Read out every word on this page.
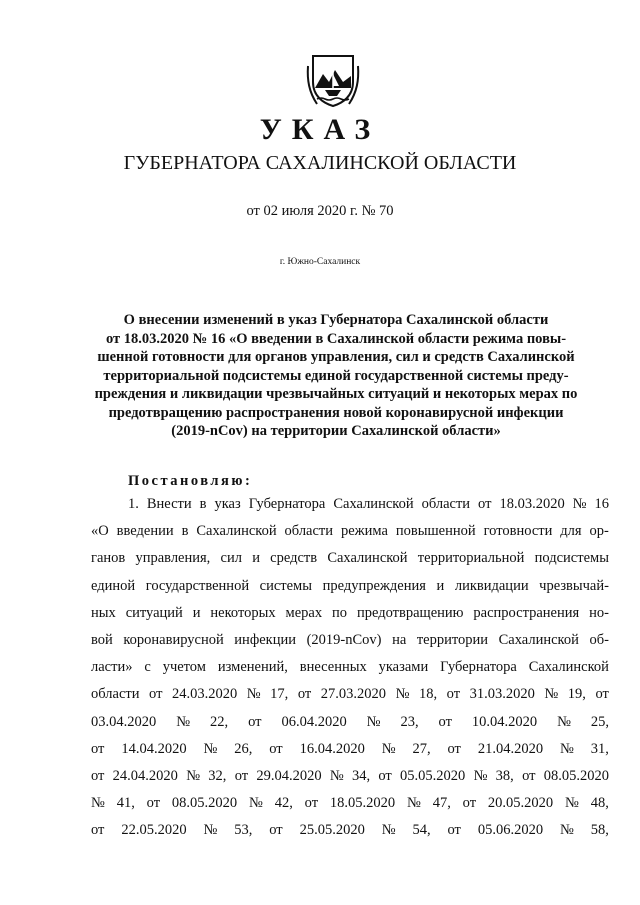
УКАЗ
ГУБЕРНАТОРА САХАЛИНСКОЙ ОБЛАСТИ
от 02 июля 2020 г. № 70
г. Южно-Сахалинск
О внесении изменений в указ Губернатора Сахалинской области
от 18.03.2020 № 16 «О введении в Сахалинской области режима повы-
шенной готовности для органов управления, сил и средств Сахалинской
территориальной подсистемы единой государственной системы преду-
преждения и ликвидации чрезвычайных ситуаций и некоторых мерах по
предотвращению распространения новой коронавирусной инфекции
(2019-nCov) на территории Сахалинской области»
Постановляю:
1. Внести в указ Губернатора Сахалинской области от 18.03.2020 № 16
«О введении в Сахалинской области режима повышенной готовности для ор-
ганов управления, сил и средств Сахалинской территориальной подсистемы
единой государственной системы предупреждения и ликвидации чрезвычай-
ных ситуаций и некоторых мерах по предотвращению распространения но-
вой коронавирусной инфекции (2019-nCov) на территории Сахалинской об-
ласти» с учетом изменений, внесенных указами Губернатора Сахалинской
области от 24.03.2020 № 17, от 27.03.2020 № 18, от 31.03.2020 № 19, от
03.04.2020 № 22, от 06.04.2020 № 23, от 10.04.2020 № 25,
от 14.04.2020 № 26, от 16.04.2020 № 27, от 21.04.2020 № 31,
от 24.04.2020 № 32, от 29.04.2020 № 34, от 05.05.2020 № 38, от 08.05.2020
№ 41, от 08.05.2020 № 42, от 18.05.2020 № 47, от 20.05.2020 № 48,
от 22.05.2020 № 53, от 25.05.2020 № 54, от 05.06.2020 № 58,
